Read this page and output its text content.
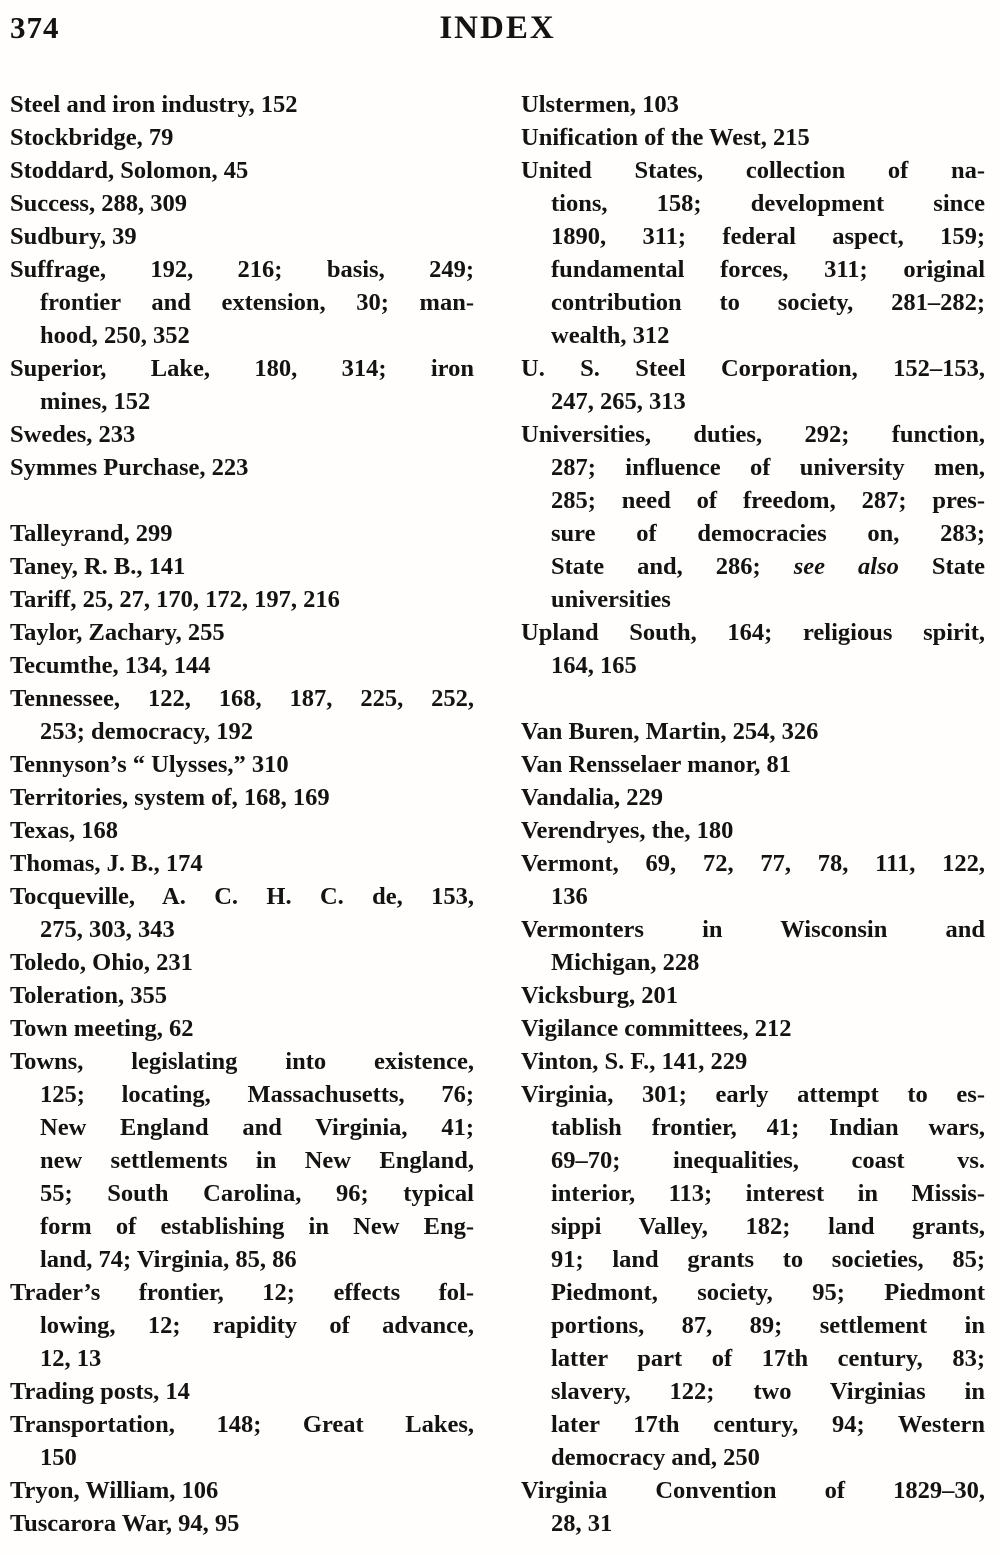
374	INDEX
Steel and iron industry, 152
Stockbridge, 79
Stoddard, Solomon, 45
Success, 288, 309
Sudbury, 39
Suffrage, 192, 216; basis, 249;
frontier and extension, 30; man-
hood, 250, 352
Superior, Lake, 180, 314; iron
mines, 152
Swedes, 233
Symmes Purchase, 223
Talleyrand, 299
Taney, R. B., 141
Tariff, 25, 27, 170, 172, 197, 216
Taylor, Zachary, 255
Tecumthe, 134, 144
Tennessee, 122, 168, 187, 225, 252,
253; democracy, 192
Tennyson’s “ Ulysses,” 310
Territories, system of, 168, 169
Texas, 168
Thomas, J. B., 174
Tocqueville, A. C. H. C. de, 153,
275, 303, 343
Toledo, Ohio, 231
Toleration, 355
Town meeting, 62
Towns, legislating into existence,
125; locating, Massachusetts, 76;
New England and Virginia, 41;
new settlements in New England,
55; South Carolina, 96; typical
form of establishing in New Eng-
land, 74; Virginia, 85, 86
Trader’s frontier, 12; effects fol-
lowing, 12; rapidity of advance,
12, 13
Trading posts, 14
Transportation, 148; Great Lakes,
150
Tryon, William, 106
Tuscarora War, 94, 95
Ulstermen, 103
Unification of the West, 215
United States, collection of na-
tions, 158; development since
1890, 311; federal aspect, 159;
fundamental forces, 311; original
contribution to society, 281–282;
wealth, 312
U. S. Steel Corporation, 152–153,
247, 265, 313
Universities, duties, 292; function,
287; influence of university men,
285; need of freedom, 287; pres-
sure of democracies on, 283;
State and, 286; see also State
universities
Upland South, 164; religious spirit,
164, 165
Van Buren, Martin, 254, 326
Van Rensselaer manor, 81
Vandalia, 229
Verendryes, the, 180
Vermont, 69, 72, 77, 78, 111, 122,
136
Vermonters in Wisconsin and
Michigan, 228
Vicksburg, 201
Vigilance committees, 212
Vinton, S. F., 141, 229
Virginia, 301; early attempt to es-
tablish frontier, 41; Indian wars,
69–70; inequalities, coast vs.
interior, 113; interest in Missis-
sippi Valley, 182; land grants,
91; land grants to societies, 85;
Piedmont, society, 95; Piedmont
portions, 87, 89; settlement in
latter part of 17th century, 83;
slavery, 122; two Virginias in
later 17th century, 94; Western
democracy and, 250
Virginia Convention of 1829–30,
28, 31
